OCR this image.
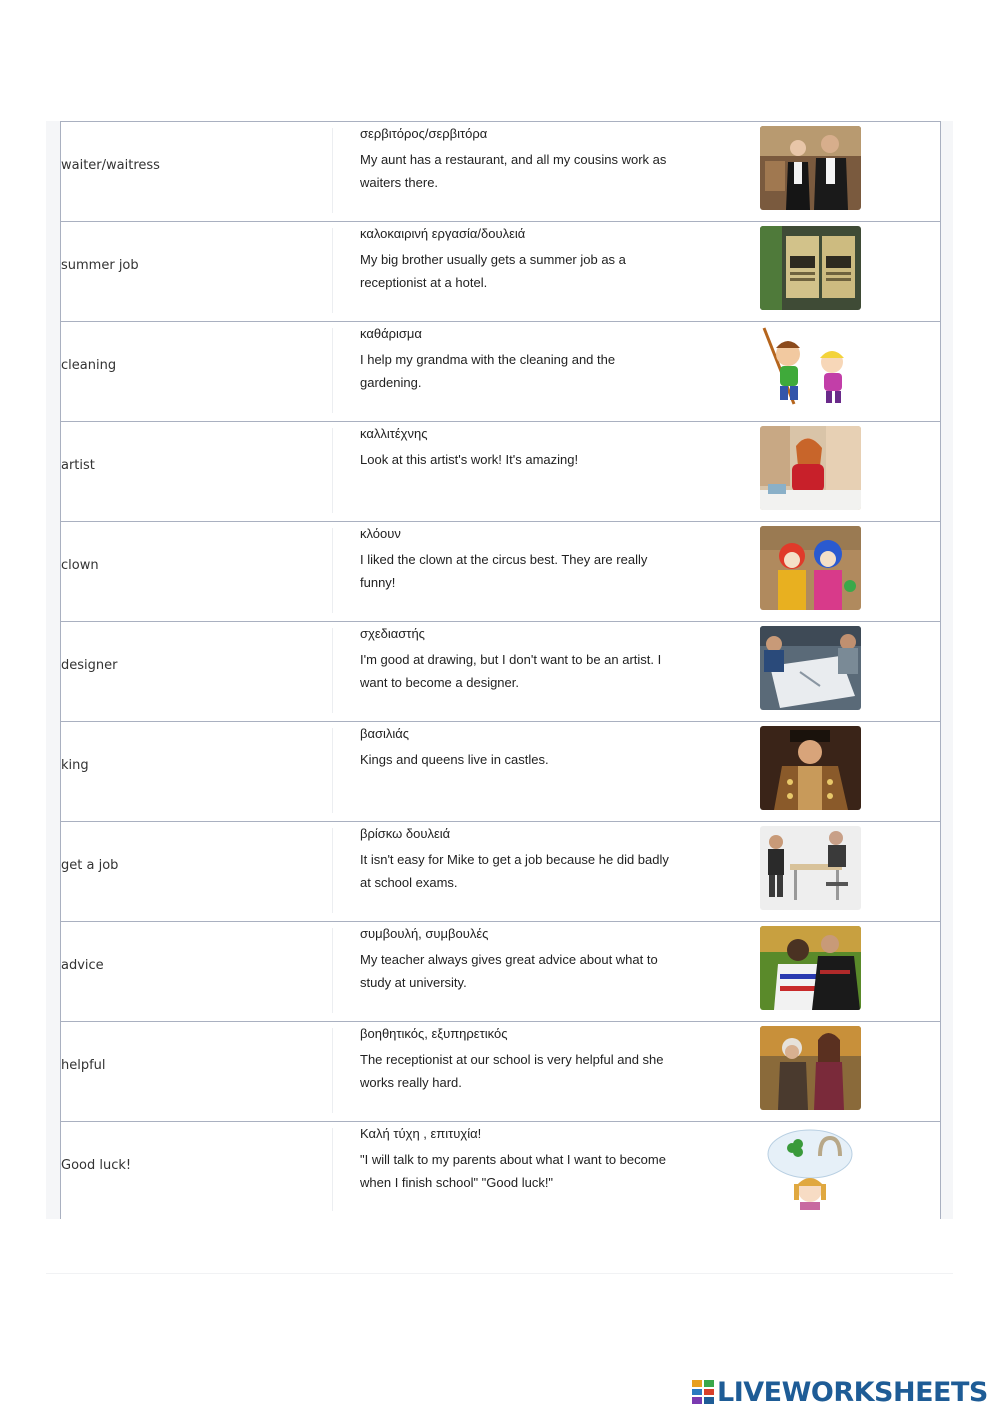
waiter/waitress
σερβιτόρος/σερβιτόρα
My aunt has a restaurant, and all my cousins work as waiters there.
summer job
καλοκαιρινή εργασία/δουλειά
My big brother usually gets a summer job as a receptionist at a hotel.
cleaning
καθάρισμα
I help my grandma with the cleaning and the gardening.
artist
καλλιτέχνης
Look at this artist's work! It's amazing!
clown
κλόουν
I liked the clown at the circus best. They are really funny!
designer
σχεδιαστής
I'm good at drawing, but I don't want to be an artist. I want to become a designer.
king
βασιλιάς
Kings and queens live in castles.
get a job
βρίσκω δουλειά
It isn't easy for Mike to get a job because he did badly at school exams.
advice
συμβουλή, συμβουλές
My teacher always gives great advice about what to study at university.
helpful
βοηθητικός, εξυπηρετικός
The receptionist at our school is very helpful and she works really hard.
Good luck!
Καλή τύχη , επιτυχία!
"I will talk to my parents about what I want to become when I finish school" "Good luck!"
LIVEWORKSHEETS
